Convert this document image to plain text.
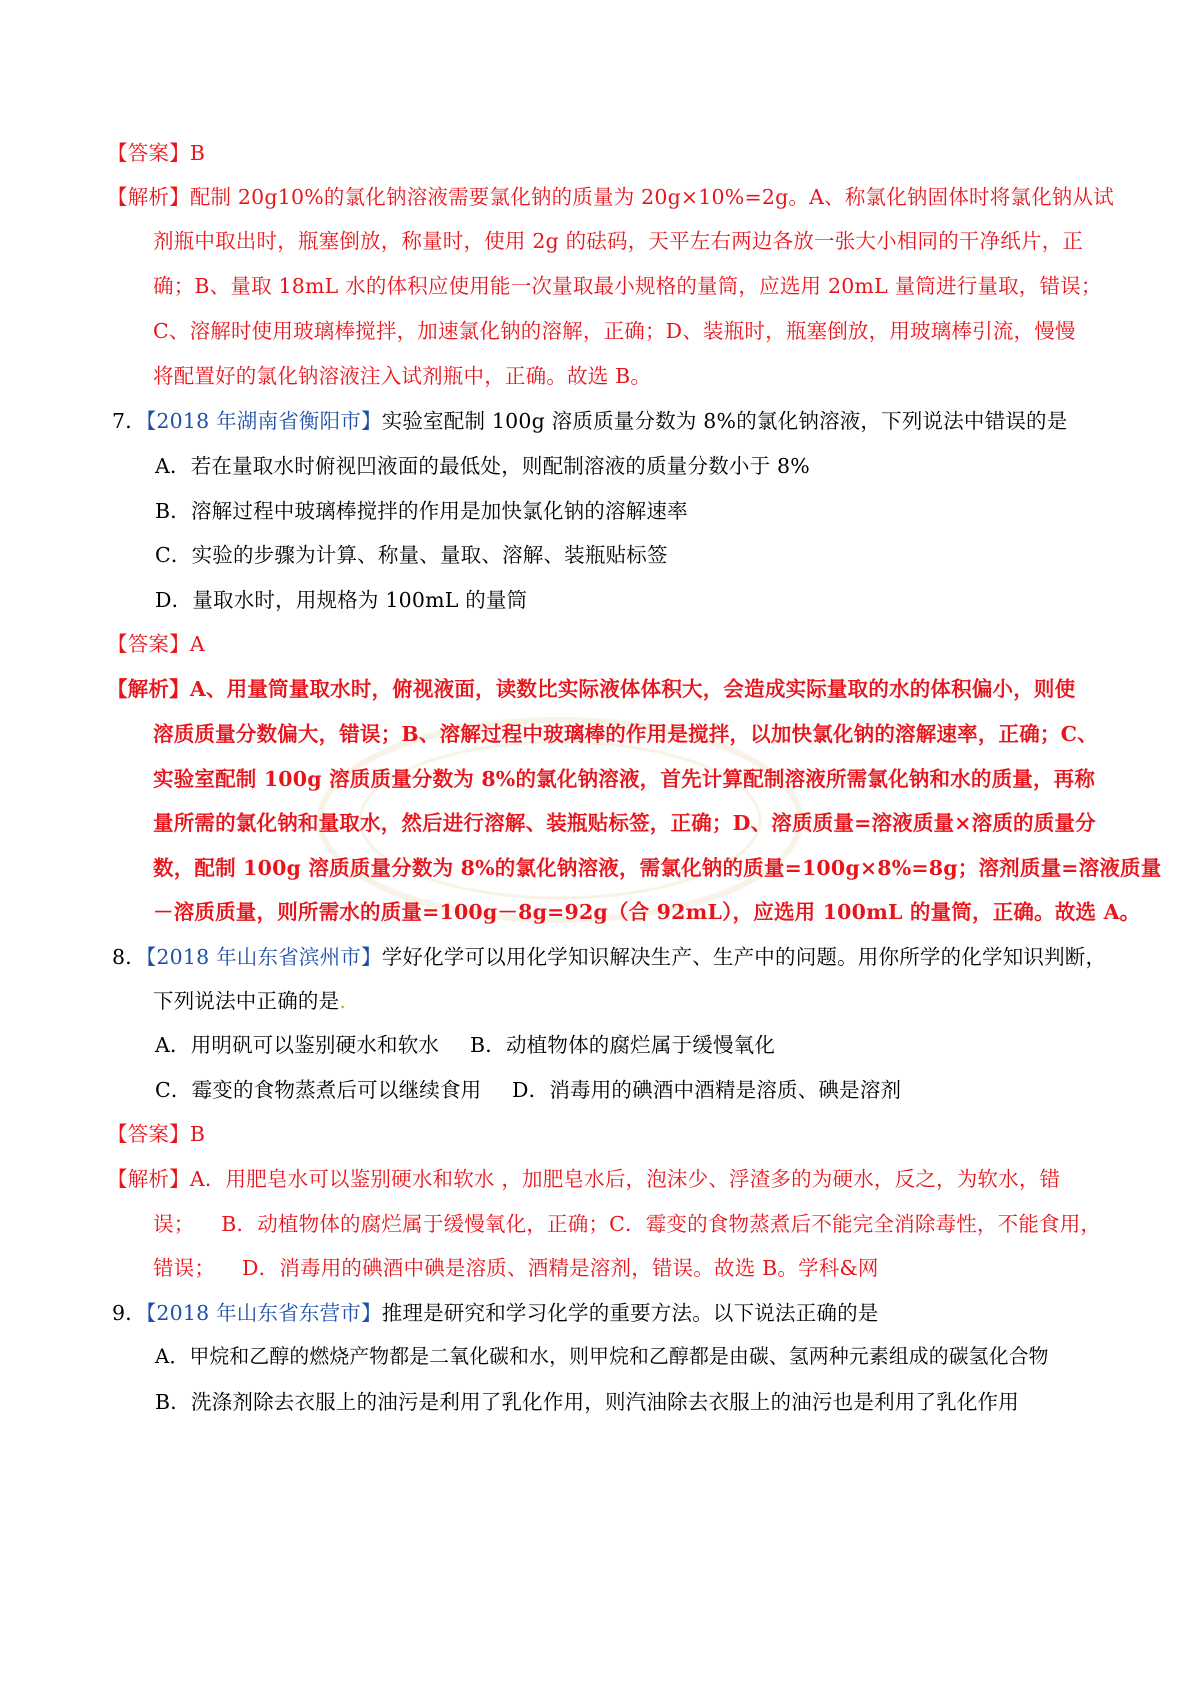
【答案】B
【解析】配制 20g10%的氯化钠溶液需要氯化钠的质量为 20g×10%=2g。A、称氯化钠固体时将氯化钠从试
剂瓶中取出时，瓶塞倒放，称量时，使用 2g 的砝码，天平左右两边各放一张大小相同的干净纸片，正
确；B、量取 18mL 水的体积应使用能一次量取最小规格的量筒，应选用 20mL 量筒进行量取，错误；
C、溶解时使用玻璃棒搅拌，加速氯化钠的溶解，正确；D、装瓶时，瓶塞倒放，用玻璃棒引流，慢慢
将配置好的氯化钠溶液注入试剂瓶中，正确。故选 B。
7．【2018 年湖南省衡阳市】实验室配制 100g 溶质质量分数为 8%的氯化钠溶液，下列说法中错误的是
A．若在量取水时俯视凹液面的最低处，则配制溶液的质量分数小于 8%
B．溶解过程中玻璃棒搅拌的作用是加快氯化钠的溶解速率
C．实验的步骤为计算、称量、量取、溶解、装瓶贴标签
D．量取水时，用规格为 100mL 的量筒
【答案】A
【解析】A、用量筒量取水时，俯视液面，读数比实际液体体积大，会造成实际量取的水的体积偏小，则使
溶质质量分数偏大，错误；B、溶解过程中玻璃棒的作用是搅拌，以加快氯化钠的溶解速率，正确；C、
实验室配制 100g 溶质质量分数为 8%的氯化钠溶液，首先计算配制溶液所需氯化钠和水的质量，再称
量所需的氯化钠和量取水，然后进行溶解、装瓶贴标签，正确；D、溶质质量=溶液质量×溶质的质量分
数，配制 100g 溶质质量分数为 8%的氯化钠溶液，需氯化钠的质量=100g×8%=8g；溶剂质量=溶液质量
－溶质质量，则所需水的质量=100g－8g=92g（合 92mL），应选用 100mL 的量筒，正确。故选 A。
8．【2018 年山东省滨州市】学好化学可以用化学知识解决生产、生产中的问题。用你所学的化学知识判断，
下列说法中正确的是.
A．用明矾可以鉴别硬水和软水 B．动植物体的腐烂属于缓慢氧化
C．霉变的食物蒸煮后可以继续食用 D．消毒用的碘酒中酒精是溶质、碘是溶剂
【答案】B
【解析】A．用肥皂水可以鉴别硬水和软水 ，加肥皂水后，泡沫少、浮渣多的为硬水，反之，为软水，错
误；    B．动植物体的腐烂属于缓慢氧化，正确；C．霉变的食物蒸煮后不能完全消除毒性，不能食用，
错误；    D．消毒用的碘酒中碘是溶质、酒精是溶剂，错误。故选 B。学科&网
9．【2018 年山东省东营市】推理是研究和学习化学的重要方法。以下说法正确的是
A．甲烷和乙醇的燃烧产物都是二氧化碳和水，则甲烷和乙醇都是由碳、氢两种元素组成的碳氢化合物
B．洗涤剂除去衣服上的油污是利用了乳化作用，则汽油除去衣服上的油污也是利用了乳化作用
